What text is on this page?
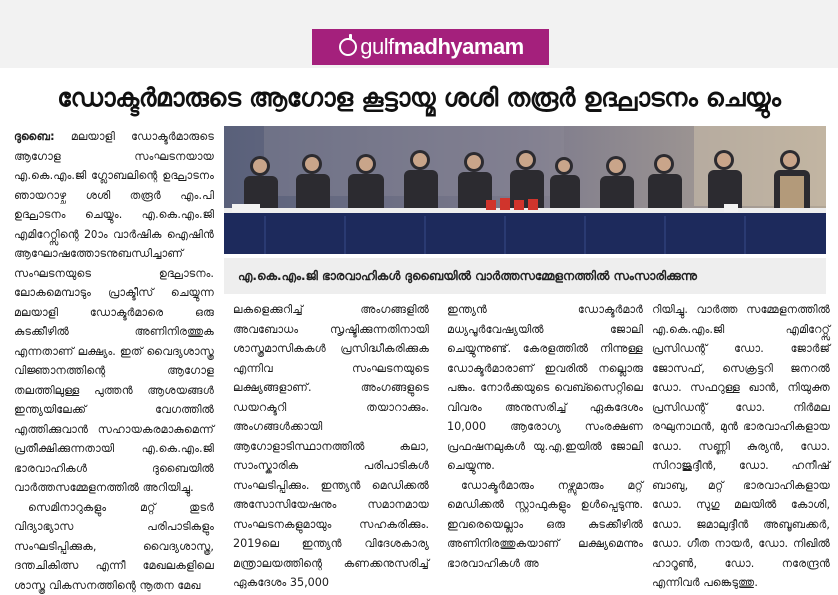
gulf madhyamam
ഡോക്ടർമാരുടെ ആഗോള കൂട്ടായ്മ ശശി തരൂർ ഉദ്ഘാടനം ചെയ്യും

ദുബൈ: മലയാളി ഡോക്ടർമാരുടെ ആഗോള സംഘടനയായ എ.കെ.എം.ജി ഗ്ലോബലിന്റെ ഉദ്ഘാടനം ഞായറാഴ്ച ശശി തരൂർ എം.പി ഉദ്ഘാടനം ചെയ്യും. എ.കെ.എം.ജി എമിറേറ്റ്സിന്റെ 20ാം വാർഷിക ഐഷിൻ ആഘോഷത്തോടനുബന്ധിച്ചാണ് സംഘടനയുടെ ഉദ്ഘാടനം. ലോകമെമ്പാടും പ്രാക്ടീസ് ചെയ്യുന്ന മലയാളി ഡോക്ടർമാരെ ഒരു കുടക്കീഴിൽ അണിനിരത്തുക എന്നതാണ് ലക്ഷ്യം. ഇത് വൈദ്യശാസ്ത്ര വിജ്ഞാനത്തിന്റെ ആഗോള തലത്തിലുള്ള പുത്തൻ ആശയങ്ങൾ ഇന്ത്യയിലേക്ക് വേഗത്തിൽ എത്തിക്കുവാൻ സഹായകരമാകുമെന്ന് പ്രതീക്ഷിക്കുന്നതായി എ.കെ.എം.ജി ഭാരവാഹികൾ ദുബൈയിൽ വാർത്തസമ്മേളനത്തിൽ അറിയിച്ചു.

സെമിനാറുകളും മറ്റ് തുടർ വിദ്യാഭ്യാസ പരിപാടികളും സംഘടിപ്പിക്കുക, വൈദ്യശാസ്ത്ര, ദന്തചികിത്സ എന്നീ മേഖലകളിലെ ശാസ്ത്ര വികസനത്തിന്റെ നൂതന മേഖ

എ.കെ.എം.ജി ഭാരവാഹികൾ ദുബൈയിൽ വാർത്തസമ്മേളനത്തിൽ സംസാരിക്കുന്നു

ലകളെക്കുറിച്ച് അംഗങ്ങളിൽ അവബോധം സൃഷ്ടിക്കുന്നതിനായി ശാസ്ത്രമാസികകൾ പ്രസിദ്ധീകരിക്കുക എന്നിവ സംഘടനയുടെ ലക്ഷ്യങ്ങളാണ്. അംഗങ്ങളുടെ ഡയറക്ടറി തയാറാക്കും. അംഗങ്ങൾക്കായി ആഗോളാടിസ്ഥാനത്തിൽ കലാ, സാംസ്കാരിക പരിപാടികൾ സംഘടിപ്പിക്കും. ഇന്ത്യൻ മെഡിക്കൽ അസോസിയേഷനും സമാനമായ സംഘടനകളുമായും സഹകരിക്കും. 2019ലെ ഇന്ത്യൻ വിദേശകാര്യ മന്ത്രാലയത്തിന്റെ കണക്കനുസരിച്ച് ഏകദേശം 35,000

ഇന്ത്യൻ ഡോക്ടർമാർ മധ്യപൂർവേഷ്യയിൽ ജോലി ചെയ്യുന്നുണ്ട്. കേരളത്തിൽ നിന്നുള്ള ഡോക്ടർമാരാണ് ഇവരിൽ നല്ലൊരു പങ്കും. നോർക്കയുടെ വെബ്സൈറ്റിലെ വിവരം അനുസരിച്ച് ഏകദേശം 10,000 ആരോഗ്യ സംരക്ഷണ പ്രഫഷനലുകൾ യു.എ.ഇയിൽ ജോലി ചെയ്യുന്നു.

ഡോക്ടർമാരും നഴ്സുമാരും മറ്റ് മെഡിക്കൽ സ്റ്റാഫുകളും ഉൾപ്പെടുന്നു. ഇവരെയെല്ലാം ഒരു കുടക്കീഴിൽ അണിനിരത്തുകയാണ് ലക്ഷ്യമെന്നും ഭാരവാഹികൾ അ

റിയിച്ചു. വാർത്ത സമ്മേളനത്തിൽ എ.കെ.എം.ജി എമിറേറ്റ്സ് പ്രസിഡന്റ് ഡോ. ജോർജ് ജോസഫ്, സെക്രട്ടറി ജനറൽ ഡോ. സഫറുള്ള ഖാൻ, നിയുക്ത പ്രസിഡന്റ് ഡോ. നിർമല രഘുനാഥൻ, മുൻ ഭാരവാഹികളായ ഡോ. സണ്ണി കുര്യൻ, ഡോ. സിറാജുദ്ദീൻ, ഡോ. ഹനീഷ് ബാബു, മറ്റ് ഭാരവാഹികളായ ഡോ. സുഗു മലയിൽ കോശി, ഡോ. ജമാലുദ്ദീൻ അബൂബക്കർ, ഡോ. ഗീത നായർ, ഡോ. നിഖിൽ ഹാറൂൺ, ഡോ. നരേന്ദ്രൻ എന്നിവർ പങ്കെടുത്തു.
